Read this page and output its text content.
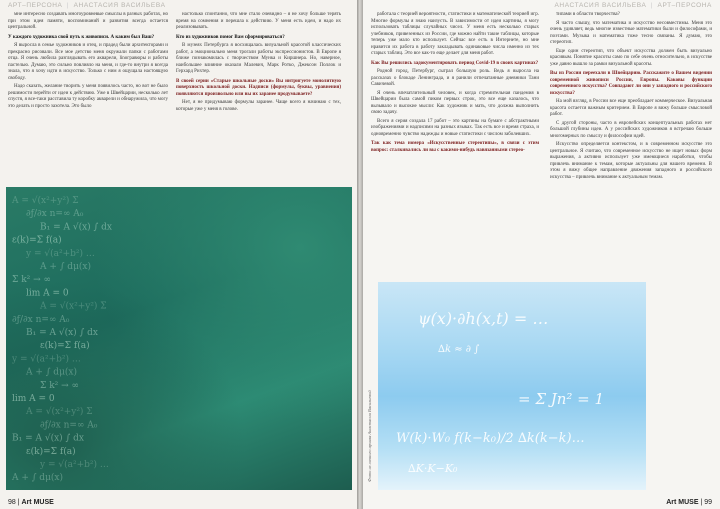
АРТ–ПЕРСОНА | АНАСТАСИЯ ВАСИЛЬЕВА

мне интересно создавать многоуровневые смыслы в разных работах, но при этом идея памяти, воспоминаний и развития всегда остается центральной.

У каждого художника свой путь к живописи. А каким был Ваш?

Я выросла в семье художников и отец, и прадед были архитекторами и прекрасно рисовали. Все мое детство меня окружали папки с работами отца. Я очень любила разглядывать его акварели, linoгравюры и работы пастелью. Думаю, это сильно повлияло на меня, и где-то внутри я всегда знала, что я хочу идти в искусство. Только с ним я ощущала настоящую свободу.

Надо сказать, желание творить у меня появилось часто, но вот не было решимости перейти от идеи к действию. Уже в Швейцарии, несколько лет спустя, я все-таки расставила ту коробку акварели и обнаружила, что могу это делать и просто захотела. Это было

настолько спонтанно, что мне стало очевидно – я не хочу больше терять время на сомнения и перешла к действию. У меня есть идеи, и надо их реализовывать.

Кто из художников помог Вам сформироваться?

В музеях Петербурга я восхищалась визуальной красотой классических работ, а эмоционально меня трогали работы экспрессионистов. В Европе я ближе познакомилась с творчеством Мунка и Киршнера. Но, наверное, наибольшее влияние оказали Малевич, Марк Ротко, Джексон Поллок и Герхард Рихтер.

В своей серии «Старые школьные доски» Вы интригуете монолитную поверхность школьной доски. Надписи (формулы, буквы, уравнения) появляются произвольно или вы их заранее продумываете?

Нет, я не придумываю формулы заранее. Чаще всего я начинаю с тех, которые уже у меня в голове.

A = √(x²+y²) Σ
∂ƒ/∂x n=∞ A₀
B₁ = A √(x) ∫ dx
ε(k)=Σ f(a)
y = √(a²+b²) …
A + ∫ dμ(x)
Σ k² → ∞
lim A = 0
A = √(x²+y²) Σ
∂ƒ/∂x n=∞ A₀
B₁ = A √(x) ∫ dx
ε(k)=Σ f(a)
y = √(a²+b²) …
A + ∫ dμ(x)
Σ k² → ∞
lim A = 0
A = √(x²+y²) Σ
∂ƒ/∂x n=∞ A₀
B₁ = A √(x) ∫ dx
ε(k)=Σ f(a)
y = √(a²+b²) …
A + ∫ dμ(x)
98 | Art MUSE
АНАСТАСИЯ ВАСИЛЬЕВА | АРТ–ПЕРСОНА

работала с теорией вероятности, статистики и математической теорией игр. Многие формулы я знаю наизусть. В зависимости от идеи картины, я могу использовать таблицы случайных чисел. У меня есть несколько старых учебников, привезенных из России, где можно найти такие таблицы, которые теперь уже мало кто использует. Сейчас все есть в Интернете, но мне нравится их работа в работу закладывать одинаковые числа именно из тех старых таблиц. Это все как-то еще делает для меня работ.

Как Вы решились задокументировать период Covid-19 в своих картинах?

Родной город, Петербург, сыграл большую роль. Ведь я выросла на рассказах о блокаде Ленинграда, и я ранили отпечатанные дневники Тани Савичевой.

Я очень впечатлительный человек, и когда стремительная пандемия в Швейцарии была самой пиком первых строк, это все еще казалось, что вызывало и высокие мысли: Как художник и мать, что должна выполнить свою задачу.

Всего я серия создала 17 работ – это картины на бумаге с абстрактными изображениями и надписями на разных языках. Так есть все и время страха, и одновременно чувство надежды и новые статистики с числом заболевших.

Так как тема номера «Искусственные стереотипы», в связи с этим вопрос: сталкивались ли вы с какими-нибудь навязанными стерео-

типами в области творчества?

Я часто слышу, что математика и искусство несовместимы. Меня это очень удивляет, ведь многие известные математики были и философами, и поэтами. Музыка и математика тоже тесно связаны. Я думаю, это стереотип.

Еще один стереотип, что объект искусства должен быть визуально красивым. Понятие красоты само по себе очень относительно, в искусстве уже давно вышло за рамки визуальной красоты.

Вы из России переехали в Швейцарию. Расскажите о Вашем видении современной живописи России, Европы. Каковы функции современного искусства? Совпадают ли они у западного и российского искусства?

На мой взгляд, в России все еще преобладает коммерческое. Визуальная красота остается важным критерием. В Европе я вижу больше смысловой работ.

С другой стороны, часто в европейских концептуальных работах нет большой глубины идеи. А у российских художников я встречаю больше многомерных по смыслу и философии идей.

Искусство определяется контекстом, и в современном искусстве это центральное. Я считаю, что современное искусство не ищет новых форм выражения, а активно использует уже имеющиеся наработки, чтобы привлечь внимание к темам, которые актуальны для нашего времени. В этом я вижу общее направление движения западного и российского искусства – привлечь внимание к актуальным темам.

Фото из личного архива Анастасии Васильевой
Art MUSE | 99
ψ(x)·∂h(x,t) = …
∆k ≈ ∂ ∫
= Σ Jn² = 1
W(k)·W₀ f(k−k₀)/2 ∆k(k−k)…
∆K·K−K₀
